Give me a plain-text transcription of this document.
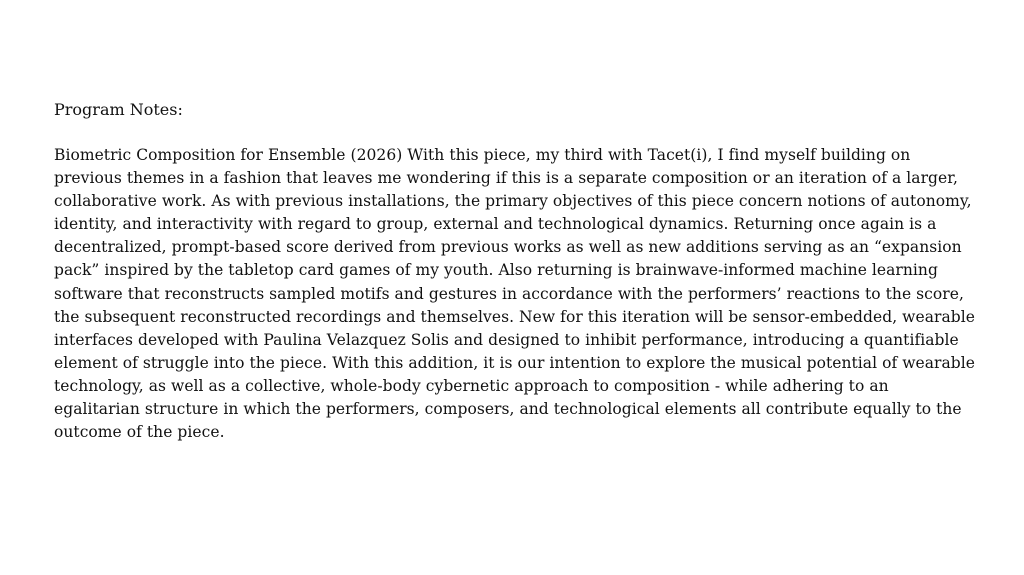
Program Notes:

Biometric Composition for Ensemble (2026) With this piece, my third with Tacet(i), I find myself building on previous themes in a fashion that leaves me wondering if this is a separate composition or an iteration of a larger, collaborative work. As with previous installations, the primary objectives of this piece concern notions of autonomy, identity, and interactivity with regard to group, external and technological dynamics. Returning once again is a decentralized, prompt-based score derived from previous works as well as new additions serving as an “expansion pack” inspired by the tabletop card games of my youth. Also returning is brainwave-informed machine learning software that reconstructs sampled motifs and gestures in accordance with the performers’ reactions to the score, the subsequent reconstructed recordings and themselves. New for this iteration will be sensor-embedded, wearable interfaces developed with Paulina Velazquez Solis and designed to inhibit performance, introducing a quantifiable element of struggle into the piece. With this addition, it is our intention to explore the musical potential of wearable technology, as well as a collective, whole-body cybernetic approach to composition - while adhering to an egalitarian structure in which the performers, composers, and technological elements all contribute equally to the outcome of the piece.
